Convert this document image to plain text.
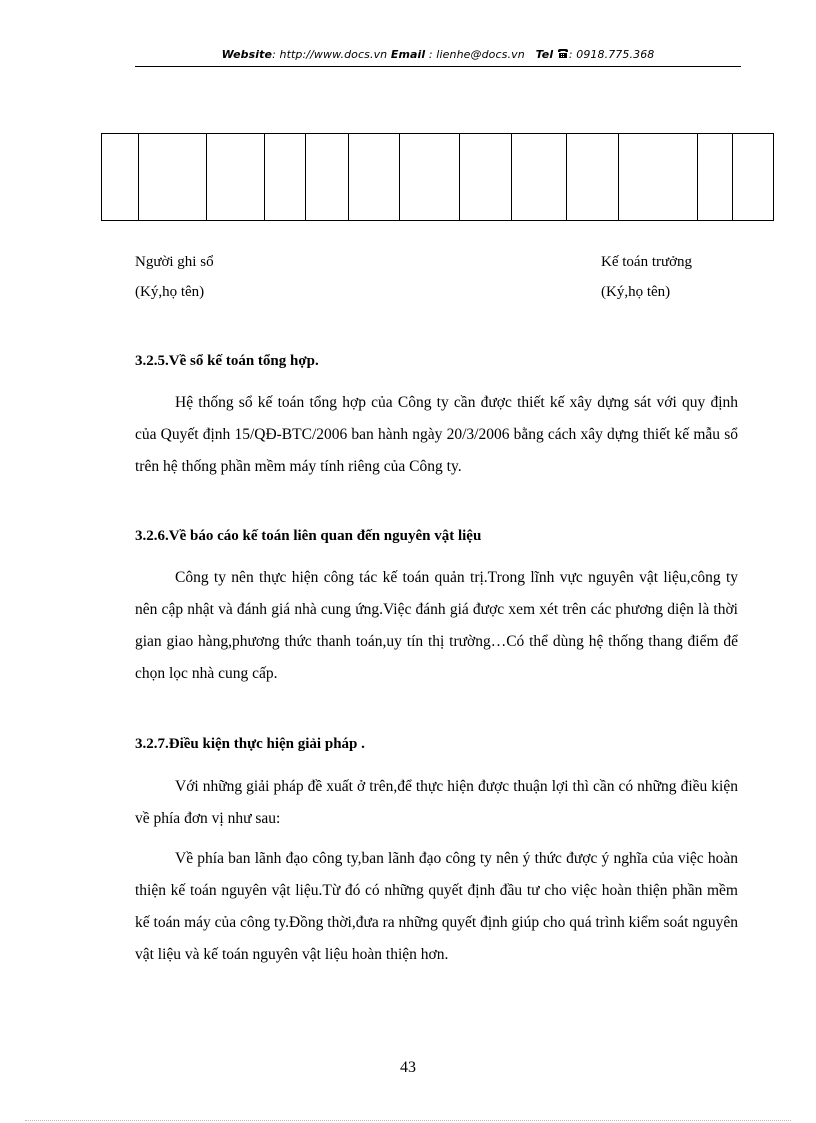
Website: http://www.docs.vn Email : lienhe@docs.vn Tel : 0918.775.368

Người ghi sổ
(Ký,họ tên)
Kế toán trưởng
(Ký,họ tên)
3.2.5.Về sổ kế toán tổng hợp.

Hệ thống sổ kế toán tổng hợp của Công ty cần được thiết kế xây dựng sát với quy định của Quyết định 15/QĐ-BTC/2006 ban hành ngày 20/3/2006 bằng cách xây dựng thiết kế mẫu sổ trên hệ thống phần mềm máy tính riêng của Công ty.

3.2.6.Về báo cáo kế toán liên quan đến nguyên vật liệu

Công ty nên thực hiện công tác kế toán quản trị.Trong lĩnh vực nguyên vật liệu,công ty nên cập nhật và đánh giá nhà cung ứng.Việc đánh giá được xem xét trên các phương diện là thời gian giao hàng,phương thức thanh toán,uy tín thị trường…Có thể dùng hệ thống thang điểm để chọn lọc nhà cung cấp.

3.2.7.Điều kiện thực hiện giải pháp .

Với những giải pháp đề xuất ở trên,để thực hiện được thuận lợi thì cần có những điều kiện về phía đơn vị như sau:

Về phía ban lãnh đạo công ty,ban lãnh đạo công ty nên ý thức được ý nghĩa của việc hoàn thiện kế toán nguyên vật liệu.Từ đó có những quyết định đầu tư cho việc hoàn thiện phần mềm kế toán máy của công ty.Đồng thời,đưa ra những quyết định giúp cho quá trình kiểm soát nguyên vật liệu và kế toán nguyên vật liệu hoàn thiện hơn.

43
